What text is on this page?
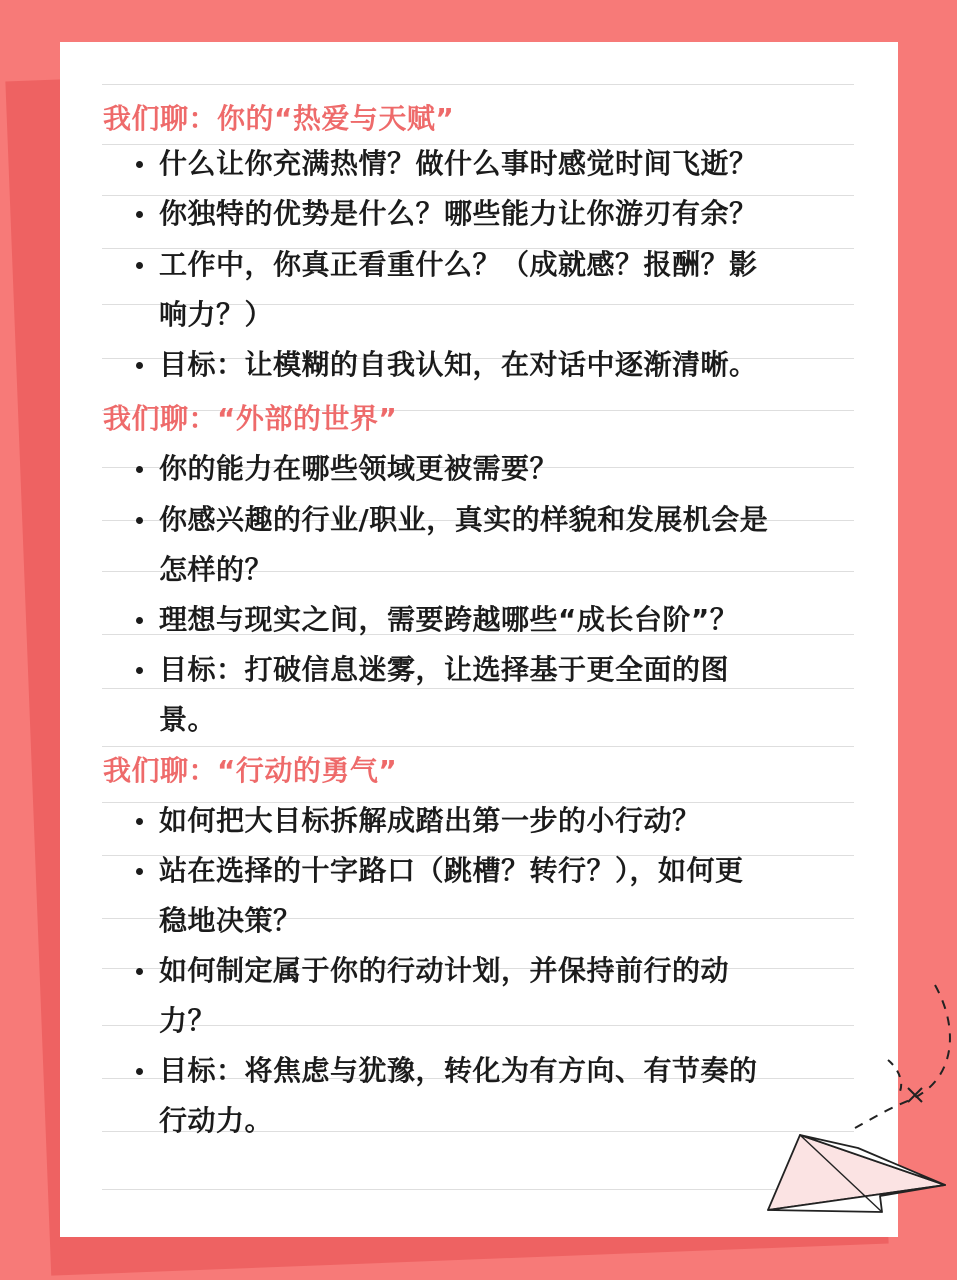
我们聊：你的“热爱与天赋”
什么让你充满热情？做什么事时感觉时间飞逝？
你独特的优势是什么？哪些能力让你游刃有余？
工作中，你真正看重什么？（成就感？报酬？影
响力？）
目标：让模糊的自我认知，在对话中逐渐清晰。
我们聊：“外部的世界”
你的能力在哪些领域更被需要？
你感兴趣的行业/职业，真实的样貌和发展机会是
怎样的？
理想与现实之间，需要跨越哪些“成长台阶”？
目标：打破信息迷雾，让选择基于更全面的图
景。
我们聊：“行动的勇气”
如何把大目标拆解成踏出第一步的小行动？
站在选择的十字路口（跳槽？转行？），如何更
稳地决策？
如何制定属于你的行动计划，并保持前行的动
力？
目标：将焦虑与犹豫，转化为有方向、有节奏的
行动力。
